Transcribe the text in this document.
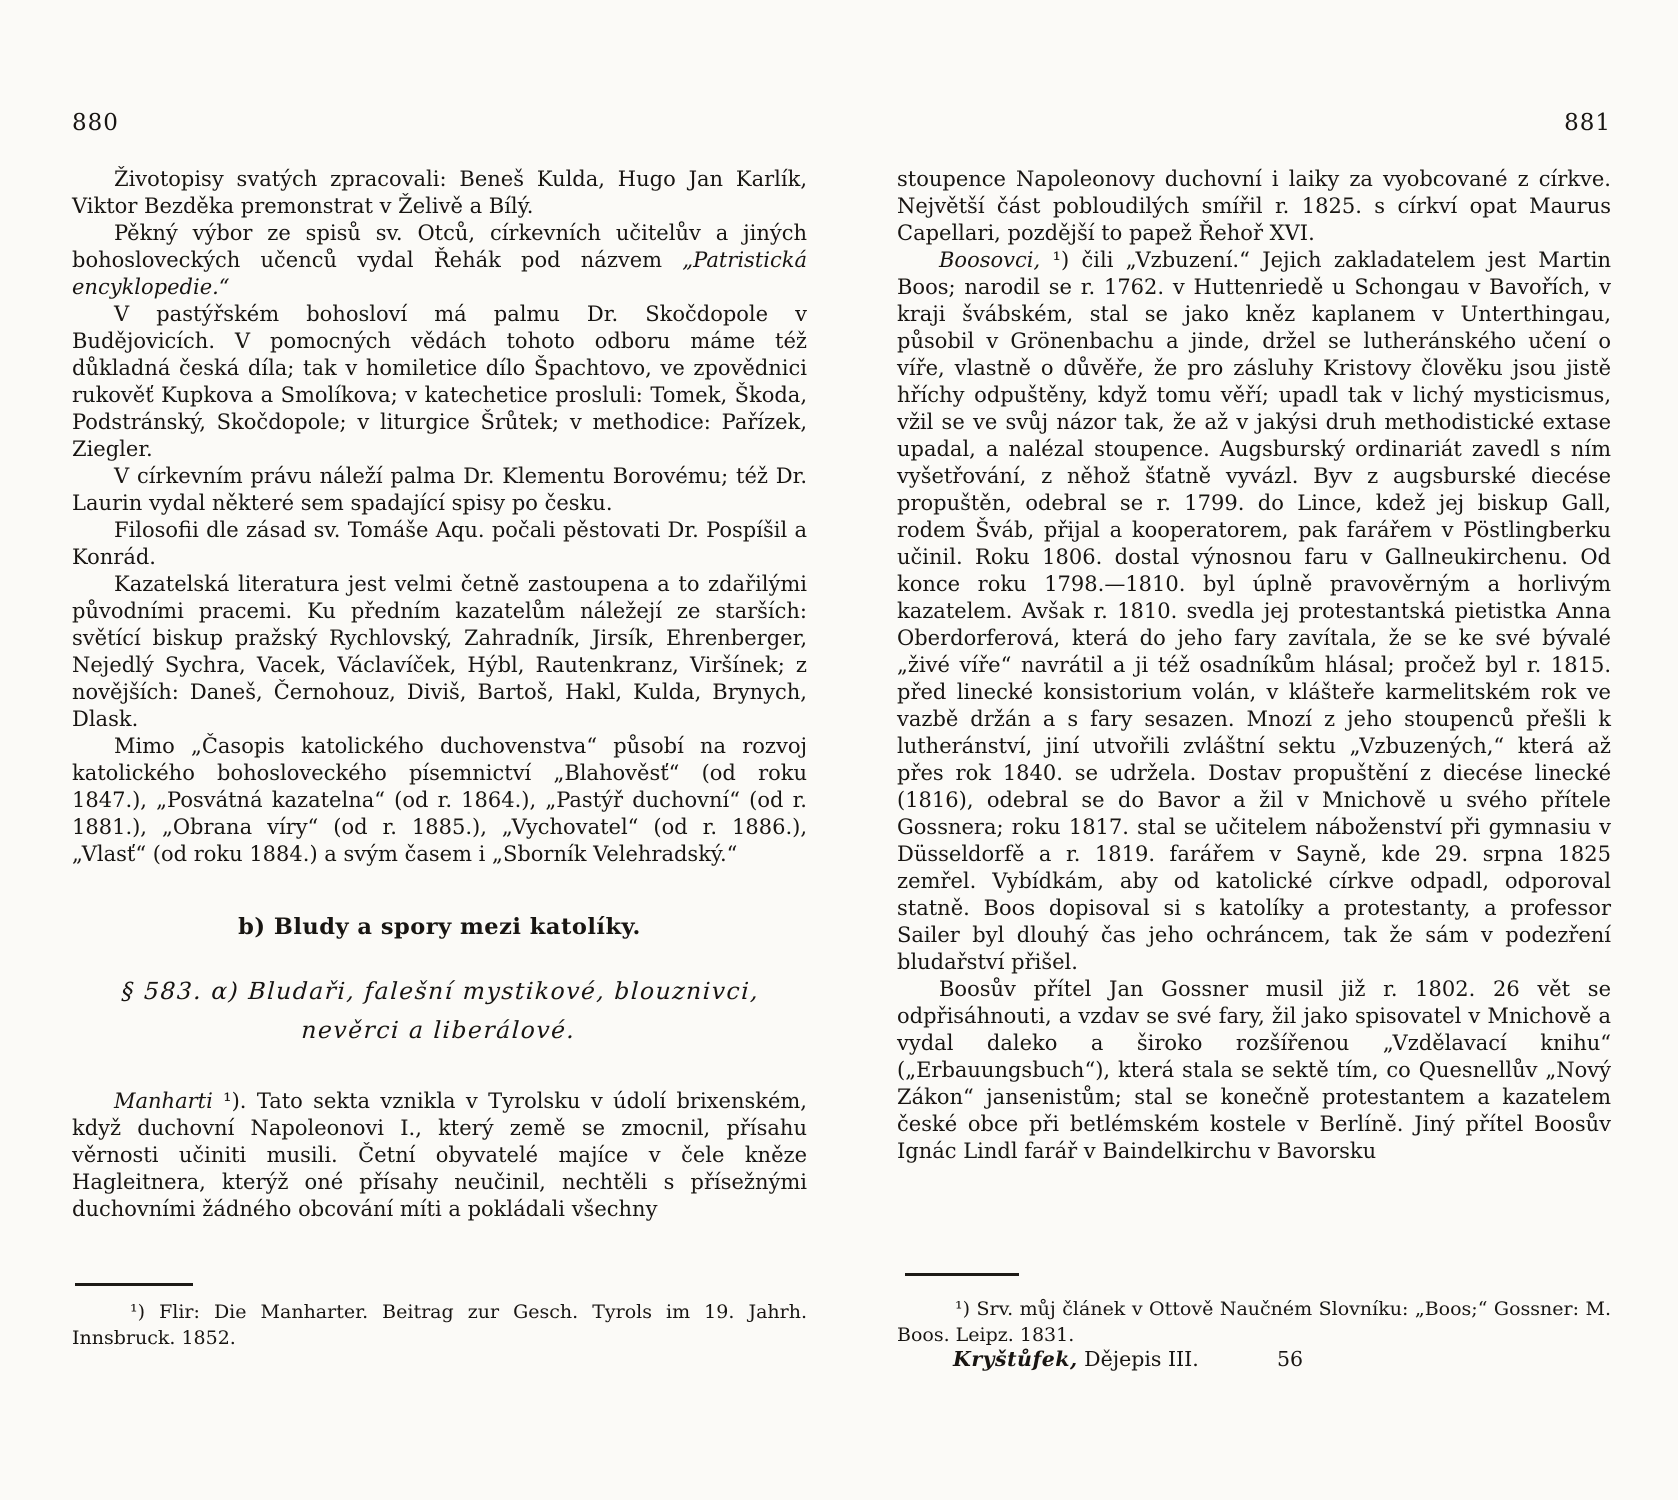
880

Životopisy svatých zpracovali: Beneš Kulda, Hugo Jan Karlík, Viktor Bezděka premonstrat v Želivě a Bílý.

Pěkný výbor ze spisů sv. Otců, církevních učitelův a jiných bohosloveckých učenců vydal Řehák pod názvem „Patristická encyklopedie.“

V pastýřském bohosloví má palmu Dr. Skočdopole v Budějovicích. V pomocných vědách tohoto odboru máme též důkladná česká díla; tak v homiletice dílo Špachtovo, ve zpovědnici rukověť Kupkova a Smolíkova; v katechetice prosluli: Tomek, Škoda, Podstránský, Skočdopole; v liturgice Šrůtek; v methodice: Pařízek, Ziegler.

V církevním právu náleží palma Dr. Klementu Borovému; též Dr. Laurin vydal některé sem spadající spisy po česku.

Filosofii dle zásad sv. Tomáše Aqu. počali pěstovati Dr. Pospíšil a Konrád.

Kazatelská literatura jest velmi četně zastoupena a to zdařilými původními pracemi. Ku předním kazatelům náležejí ze starších: světící biskup pražský Rychlovský, Zahradník, Jirsík, Ehrenberger, Nejedlý Sychra, Vacek, Václavíček, Hýbl, Rautenkranz, Viršínek; z novějších: Daneš, Černohouz, Diviš, Bartoš, Hakl, Kulda, Brynych, Dlask.

Mimo „Časopis katolického duchovenstva“ působí na rozvoj katolického bohosloveckého písemnictví „Blahověsť“ (od roku 1847.), „Posvátná kazatelna“ (od r. 1864.), „Pastýř duchovní“ (od r. 1881.), „Obrana víry“ (od r. 1885.), „Vychovatel“ (od r. 1886.), „Vlasť“ (od roku 1884.) a svým časem i „Sborník Velehradský.“

b) Bludy a spory mezi katolíky.
§ 583. α) Bludaři, falešní mystikové, blouznivci, nevěrci a liberálové.

Manharti ¹). Tato sekta vznikla v Tyrolsku v údolí brixenském, když duchovní Napoleonovi I., který země se zmocnil, přísahu věrnosti učiniti musili. Četní obyvatelé majíce v čele kněze Hagleitnera, kterýž oné přísahy neučinil, nechtěli s přísežnými duchovními žádného obcování míti a pokládali všechny

881

stoupence Napoleonovy duchovní i laiky za vyobcované z církve. Největší část pobloudilých smířil r. 1825. s církví opat Maurus Capellari, pozdější to papež Řehoř XVI.

Boosovci, ¹) čili „Vzbuzení.“ Jejich zakladatelem jest Martin Boos; narodil se r. 1762. v Huttenriedě u Schongau v Bavořích, v kraji švábském, stal se jako kněz kaplanem v Unterthingau, působil v Grönenbachu a jinde, držel se lutheránského učení o víře, vlastně o důvěře, že pro zásluhy Kristovy člověku jsou jistě hříchy odpuštěny, když tomu věří; upadl tak v lichý mysticismus, vžil se ve svůj názor tak, že až v jakýsi druh methodistické extase upadal, a nalézal stoupence. Augsburský ordinariát zavedl s ním vyšetřování, z něhož šťatně vyvázl. Byv z augsburské diecése propuštěn, odebral se r. 1799. do Lince, kdež jej biskup Gall, rodem Šváb, přijal a kooperatorem, pak farářem v Pöstlingberku učinil. Roku 1806. dostal výnosnou faru v Gallneukirchenu. Od konce roku 1798.—1810. byl úplně pravověrným a horlivým kazatelem. Avšak r. 1810. svedla jej protestantská pietistka Anna Oberdorferová, která do jeho fary zavítala, že se ke své bývalé „živé víře“ navrátil a ji též osadníkům hlásal; pročež byl r. 1815. před linecké konsistorium volán, v klášteře karmelitském rok ve vazbě držán a s fary sesazen. Mnozí z jeho stoupenců přešli k lutheránství, jiní utvořili zvláštní sektu „Vzbuzených,“ která až přes rok 1840. se udržela. Dostav propuštění z diecése linecké (1816), odebral se do Bavor a žil v Mnichově u svého přítele Gossnera; roku 1817. stal se učitelem náboženství při gymnasiu v Düsseldorfě a r. 1819. farářem v Sayně, kde 29. srpna 1825 zemřel. Vybídkám, aby od katolické církve odpadl, odporoval statně. Boos dopisoval si s katolíky a protestanty, a professor Sailer byl dlouhý čas jeho ochráncem, tak že sám v podezření bludařství přišel.

Boosův přítel Jan Gossner musil již r. 1802. 26 vět se odpřisáhnouti, a vzdav se své fary, žil jako spisovatel v Mnichově a vydal daleko a široko rozšířenou „Vzdělavací knihu“ („Erbauungsbuch“), která stala se sektě tím, co Quesnellův „Nový Zákon“ jansenistům; stal se konečně protestantem a kazatelem české obce při betlémském kostele v Berlíně. Jiný přítel Boosův Ignác Lindl farář v Baindelkirchu v Bavorsku

¹) Flir: Die Manharter. Beitrag zur Gesch. Tyrols im 19. Jahrh. Innsbruck. 1852.

¹) Srv. můj článek v Ottově Naučném Slovníku: „Boos;“ Gossner: M. Boos. Leipz. 1831.

Kryštůfek, Dějepis III.	56
